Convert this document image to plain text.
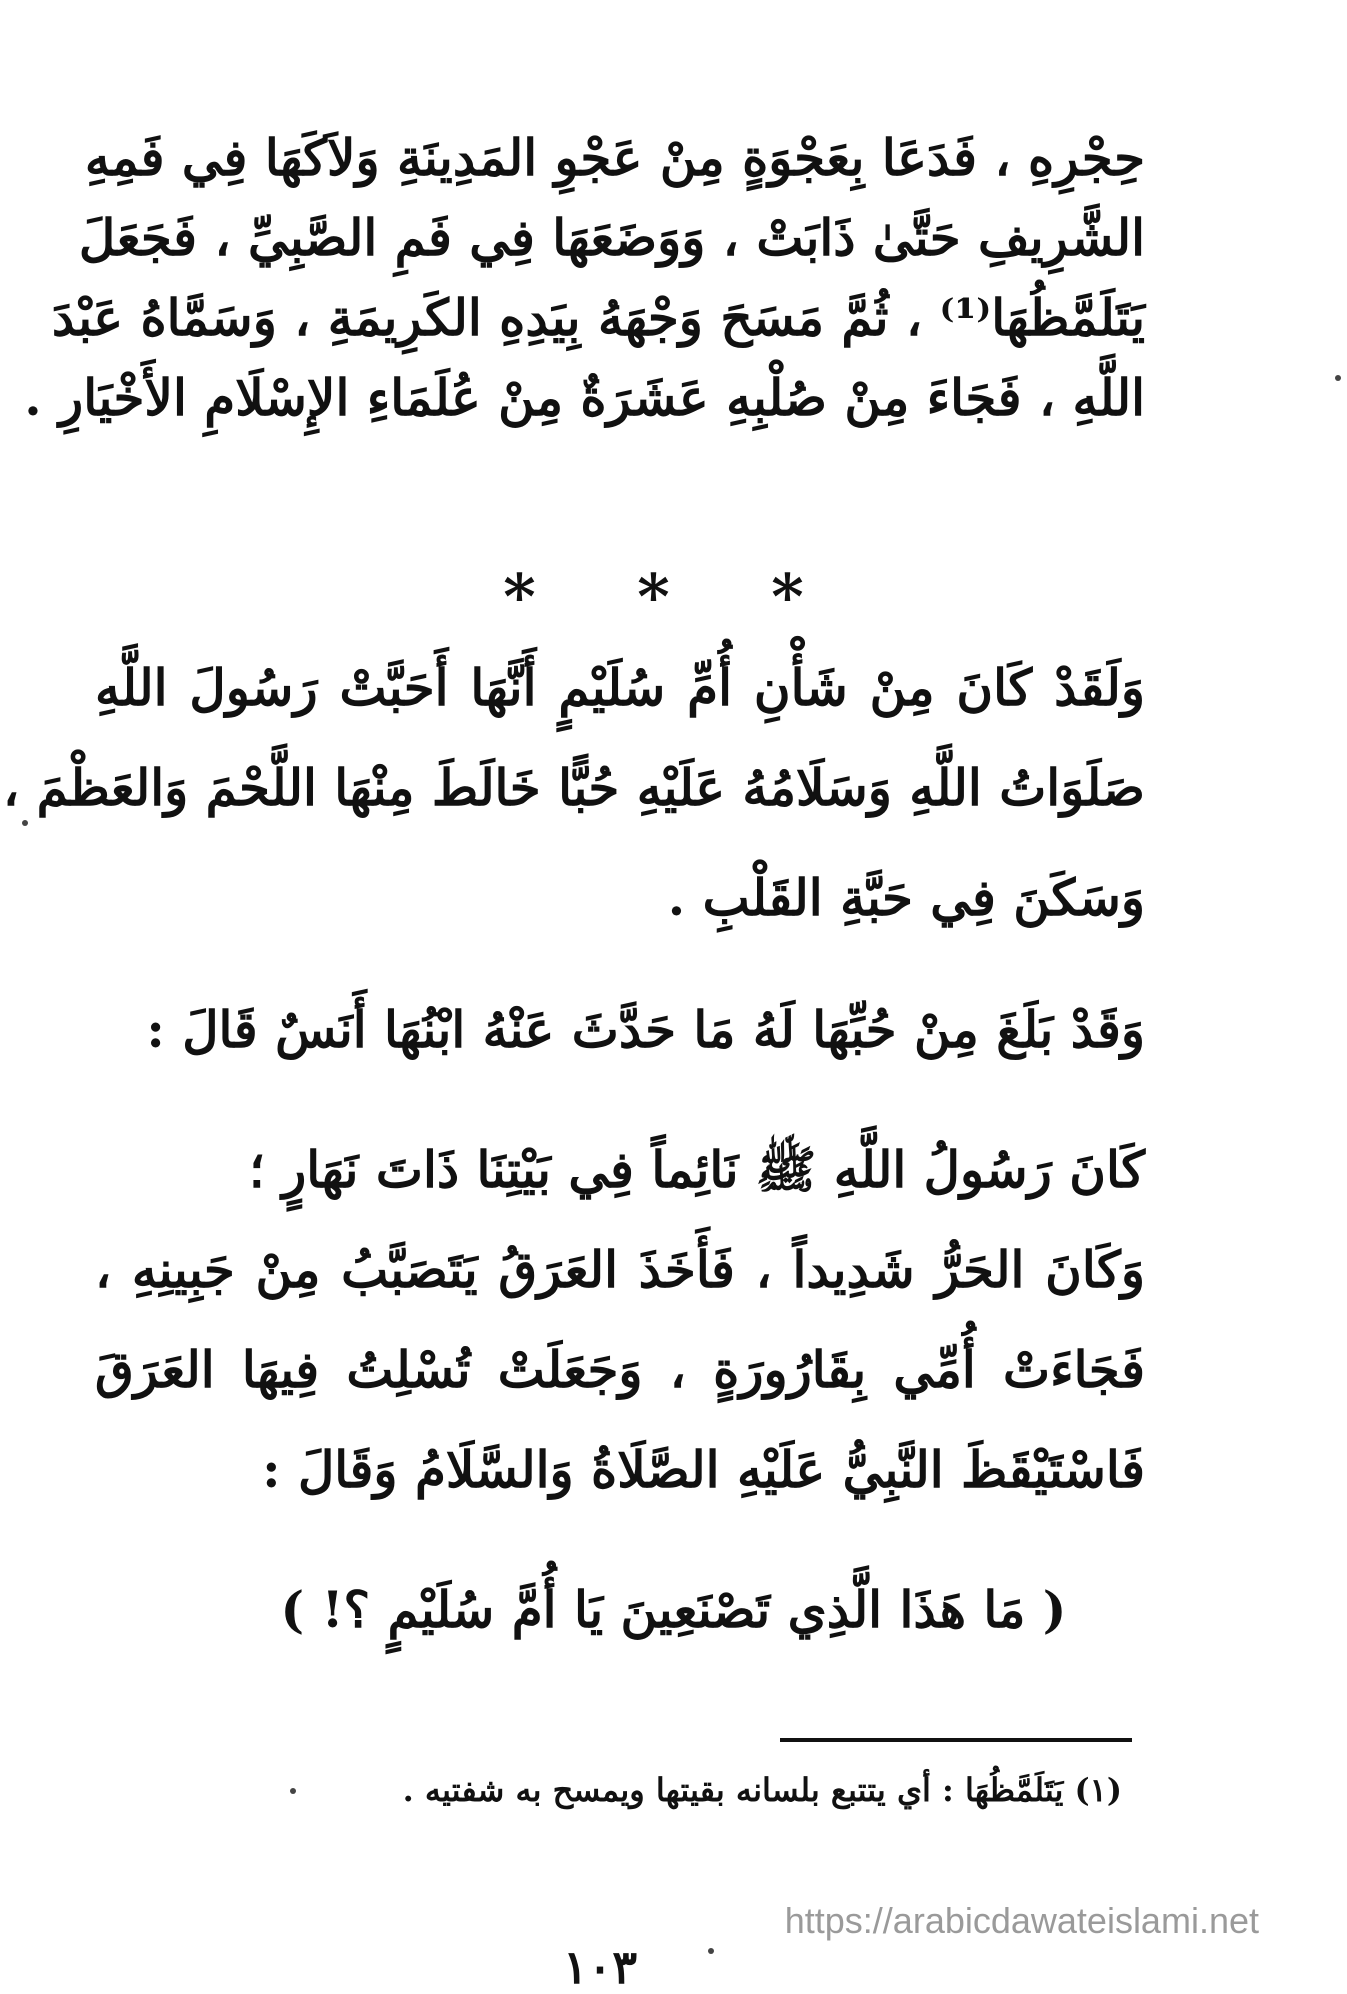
حِجْرِهِ ، فَدَعَا بِعَجْوَةٍ مِنْ عَجْوِ المَدِينَةِ وَلاَكَهَا فِي فَمِهِ
الشَّرِيفِ حَتَّىٰ ذَابَتْ ، وَوَضَعَهَا فِي فَمِ الصَّبِيِّ ، فَجَعَلَ
يَتَلَمَّظُهَا⁽¹⁾ ، ثُمَّ مَسَحَ وَجْهَهُ بِيَدِهِ الكَرِيمَةِ ، وَسَمَّاهُ عَبْدَ
اللَّهِ ، فَجَاءَ مِنْ صُلْبِهِ عَشَرَةٌ مِنْ عُلَمَاءِ الإِسْلَامِ الأَخْيَارِ .
* * *
وَلَقَدْ كَانَ مِنْ شَأْنِ أُمِّ سُلَيْمٍ أَنَّهَا أَحَبَّتْ رَسُولَ اللَّهِ
صَلَوَاتُ اللَّهِ وَسَلَامُهُ عَلَيْهِ حُبًّا خَالَطَ مِنْهَا اللَّحْمَ وَالعَظْمَ ،
وَسَكَنَ فِي حَبَّةِ القَلْبِ .
وَقَدْ بَلَغَ مِنْ حُبِّهَا لَهُ مَا حَدَّثَ عَنْهُ ابْنُهَا أَنَسٌ قَالَ :
كَانَ رَسُولُ اللَّهِ ﷺ نَائِماً فِي بَيْتِنَا ذَاتَ نَهَارٍ ؛
وَكَانَ الحَرُّ شَدِيداً ، فَأَخَذَ العَرَقُ يَتَصَبَّبُ مِنْ جَبِينِهِ ،
فَجَاءَتْ أُمِّي بِقَارُورَةٍ ، وَجَعَلَتْ تُسْلِتُ فِيهَا العَرَقَ
فَاسْتَيْقَظَ النَّبِيُّ عَلَيْهِ الصَّلَاةُ وَالسَّلَامُ وَقَالَ :
( مَا هَذَا الَّذِي تَصْنَعِينَ يَا أُمَّ سُلَيْمٍ ؟! )
(١) يَتَلَمَّظُهَا : أي يتتبع بلسانه بقيتها ويمسح به شفتيه .
https://arabicdawateislami.net
١٠٣
